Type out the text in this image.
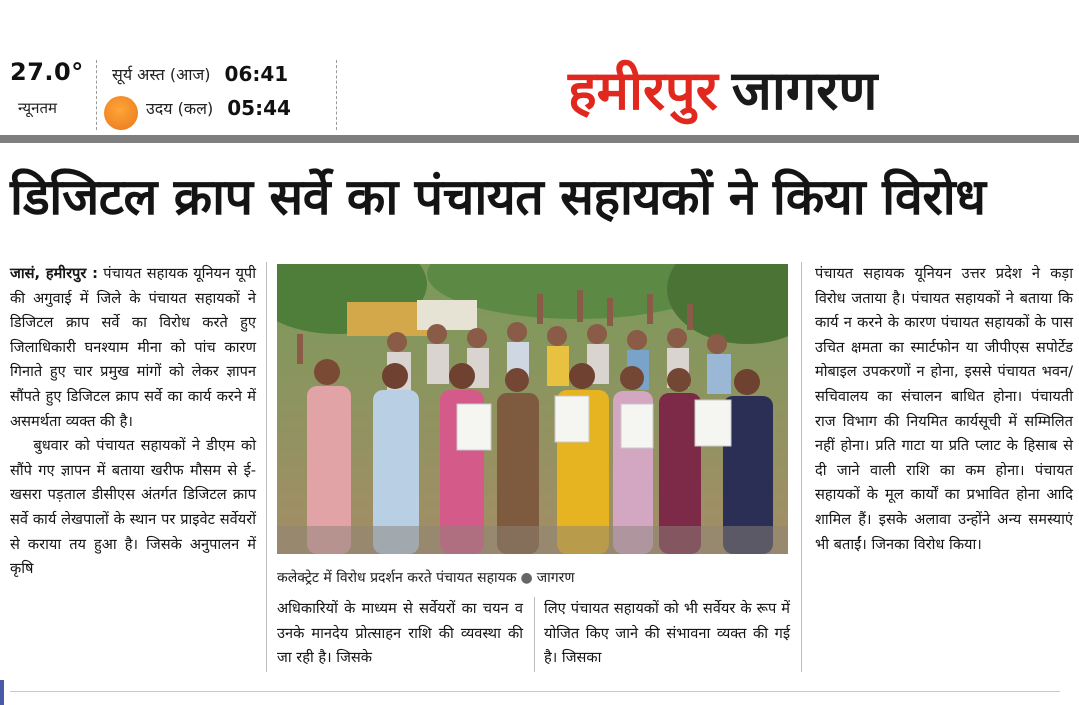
27.0°
न्यूनतम
सूर्य अस्त (आज) 06:41
उदय (कल) 05:44	हमीरपुर जागरण
डिजिटल क्राप सर्वे का पंचायत सहायकों ने किया विरोध

जासं, हमीरपुर : पंचायत सहायक यूनियन यूपी की अगुवाई में जिले के पंचायत सहायकों ने डिजिटल क्राप सर्वे का विरोध करते हुए जिलाधिकारी घनश्याम मीना को पांच कारण गिनाते हुए चार प्रमुख मांगों को लेकर ज्ञापन सौंपते हुए डिजिटल क्राप सर्वे का कार्य करने में असमर्थता व्यक्त की है।

बुधवार को पंचायत सहायकों ने डीएम को सौंपे गए ज्ञापन में बताया खरीफ मौसम से ई-खसरा पड़ताल डीसीएस अंतर्गत डिजिटल क्राप सर्वे कार्य लेखपालों के स्थान पर प्राइवेट सर्वेयरों से कराया तय हुआ है। जिसके अनुपालन में कृषि

कलेक्ट्रेट में विरोध प्रदर्शन करते पंचायत सहायक ● जागरण
अधिकारियों के माध्यम से सर्वेयरों का चयन व उनके मानदेय प्रोत्साहन राशि की व्यवस्था की जा रही है। जिसके
लिए पंचायत सहायकों को भी सर्वेयर के रूप में योजित किए जाने की संभावना व्यक्त की गई है। जिसका
पंचायत सहायक यूनियन उत्तर प्रदेश ने कड़ा विरोध जताया है। पंचायत सहायकों ने बताया कि कार्य न करने के कारण पंचायत सहायकों के पास उचित क्षमता का स्मार्टफोन या जीपीएस सपोर्टेड मोबाइल उपकरणों न होना, इससे पंचायत भवन/सचिवालय का संचालन बाधित होना। पंचायती राज विभाग की नियमित कार्यसूची में सम्मिलित नहीं होना। प्रति गाटा या प्रति प्लाट के हिसाब से दी जाने वाली राशि का कम होना। पंचायत सहायकों के मूल कार्यों का प्रभावित होना आदि शामिल हैं। इसके अलावा उन्होंने अन्य समस्याएं भी बताईं। जिनका विरोध किया।
